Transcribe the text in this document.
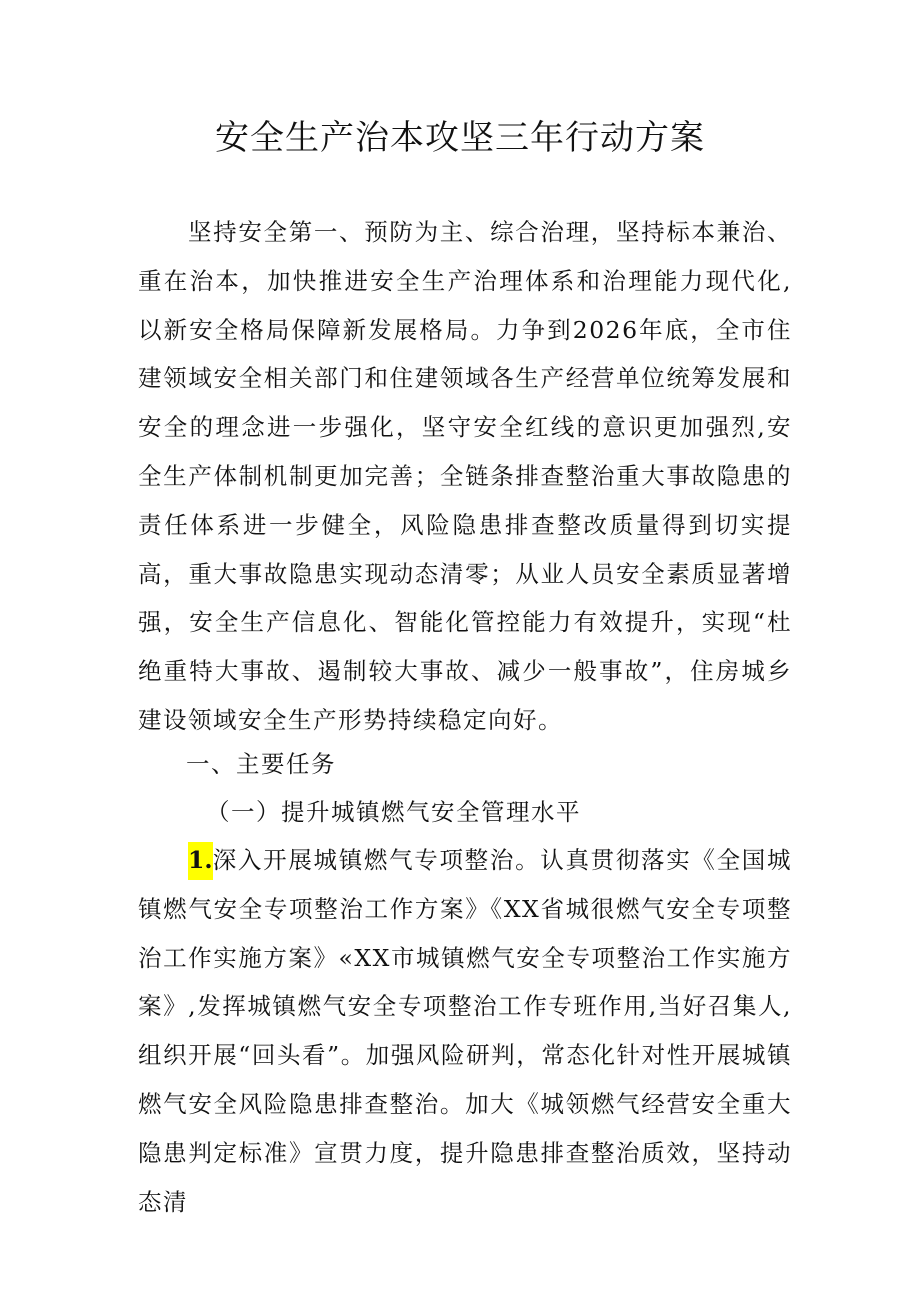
安全生产治本攻坚三年行动方案

坚持安全第一、预防为主、综合治理，坚持标本兼治、重在治本，加快推进安全生产治理体系和治理能力现代化,以新安全格局保障新发展格局。力争到2026年底，全市住建领域安全相关部门和住建领域各生产经营单位统筹发展和安全的理念进一步强化，坚守安全红线的意识更加强烈,安全生产体制机制更加完善；全链条排查整治重大事故隐患的责任体系进一步健全，风险隐患排查整改质量得到切实提高，重大事故隐患实现动态清零；从业人员安全素质显著增强，安全生产信息化、智能化管控能力有效提升，实现“杜绝重特大事故、遏制较大事故、减少一般事故”，住房城乡建设领域安全生产形势持续稳定向好。

一、主要任务

（一）提升城镇燃气安全管理水平

1.深入开展城镇燃气专项整治。认真贯彻落实《全国城镇燃气安全专项整治工作方案》《XX省城很燃气安全专项整治工作实施方案》«XX市城镇燃气安全专项整治工作实施方案》,发挥城镇燃气安全专项整治工作专班作用,当好召集人,组织开展“回头看”。加强风险研判，常态化针对性开展城镇燃气安全风险隐患排查整治。加大《城领燃气经营安全重大隐患判定标准》宣贯力度，提升隐患排查整治质效，坚持动态清
